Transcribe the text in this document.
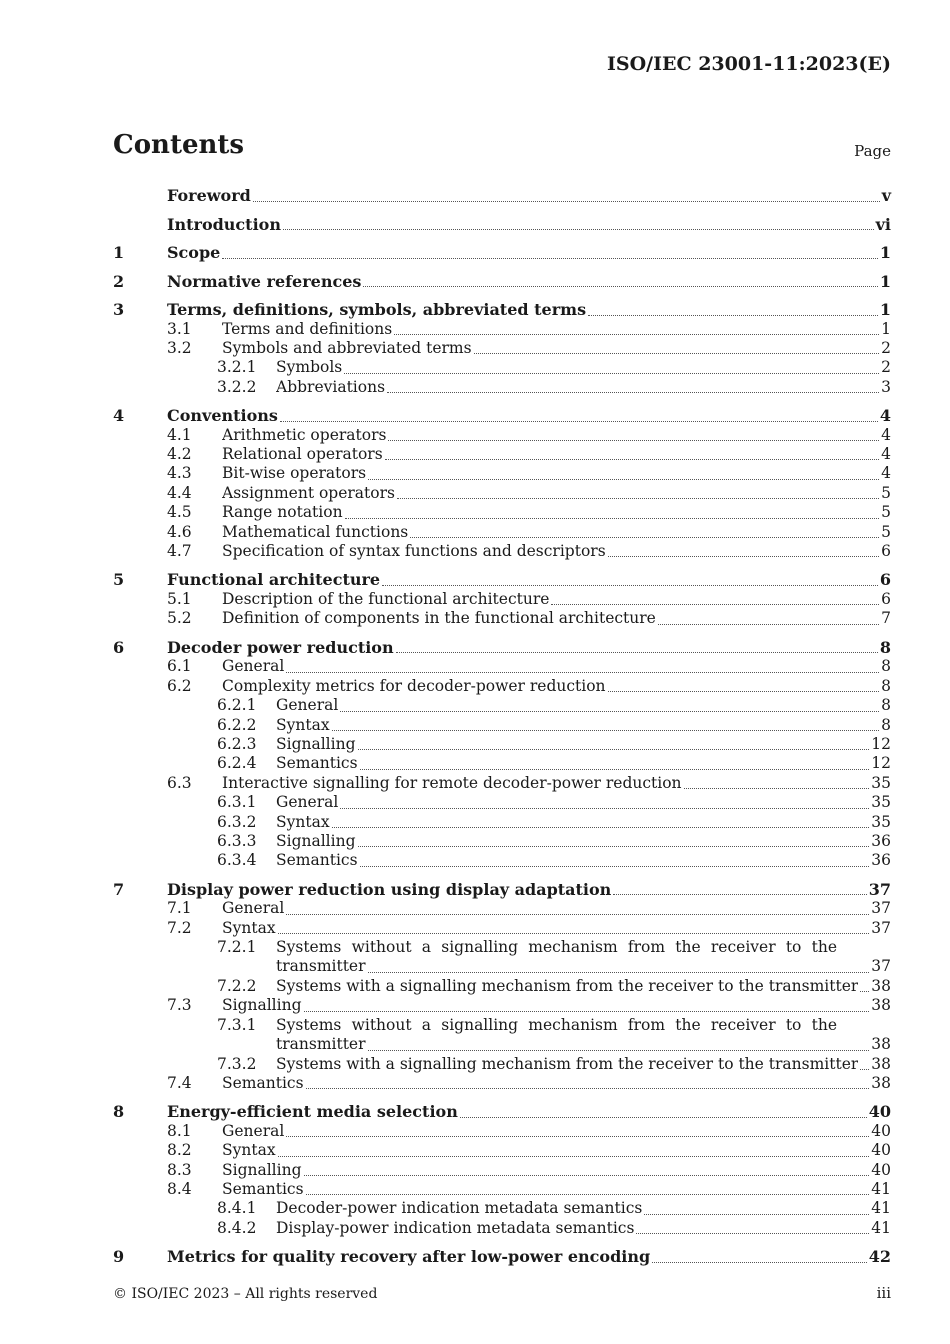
ISO/IEC 23001-11:2023(E)
Contents	Page
Foreword	v
Introduction	vi
1	Scope	1
2	Normative references	1
3	Terms, definitions, symbols, abbreviated terms	1
3.1	Terms and definitions	1
3.2	Symbols and abbreviated terms	2
3.2.1	Symbols	2
3.2.2	Abbreviations	3
4	Conventions	4
4.1	Arithmetic operators	4
4.2	Relational operators	4
4.3	Bit-wise operators	4
4.4	Assignment operators	5
4.5	Range notation	5
4.6	Mathematical functions	5
4.7	Specification of syntax functions and descriptors	6
5	Functional architecture	6
5.1	Description of the functional architecture	6
5.2	Definition of components in the functional architecture	7
6	Decoder power reduction	8
6.1	General	8
6.2	Complexity metrics for decoder-power reduction	8
6.2.1	General	8
6.2.2	Syntax	8
6.2.3	Signalling	12
6.2.4	Semantics	12
6.3	Interactive signalling for remote decoder-power reduction	35
6.3.1	General	35
6.3.2	Syntax	35
6.3.3	Signalling	36
6.3.4	Semantics	36
7	Display power reduction using display adaptation	37
7.1	General	37
7.2	Syntax	37
7.2.1	Systems without a signalling mechanism from the receiver to the
transmitter	37
7.2.2	Systems with a signalling mechanism from the receiver to the transmitter 38
7.3	Signalling	38
7.3.1	Systems without a signalling mechanism from the receiver to the
transmitter	38
7.3.2	Systems with a signalling mechanism from the receiver to the transmitter 38
7.4	Semantics	38
8	Energy-efficient media selection	40
8.1	General	40
8.2	Syntax	40
8.3	Signalling	40
8.4	Semantics	41
8.4.1	Decoder-power indication metadata semantics	41
8.4.2	Display-power indication metadata semantics	41
9	Metrics for quality recovery after low-power encoding	42
© ISO/IEC 2023 – All rights reserved	iii
